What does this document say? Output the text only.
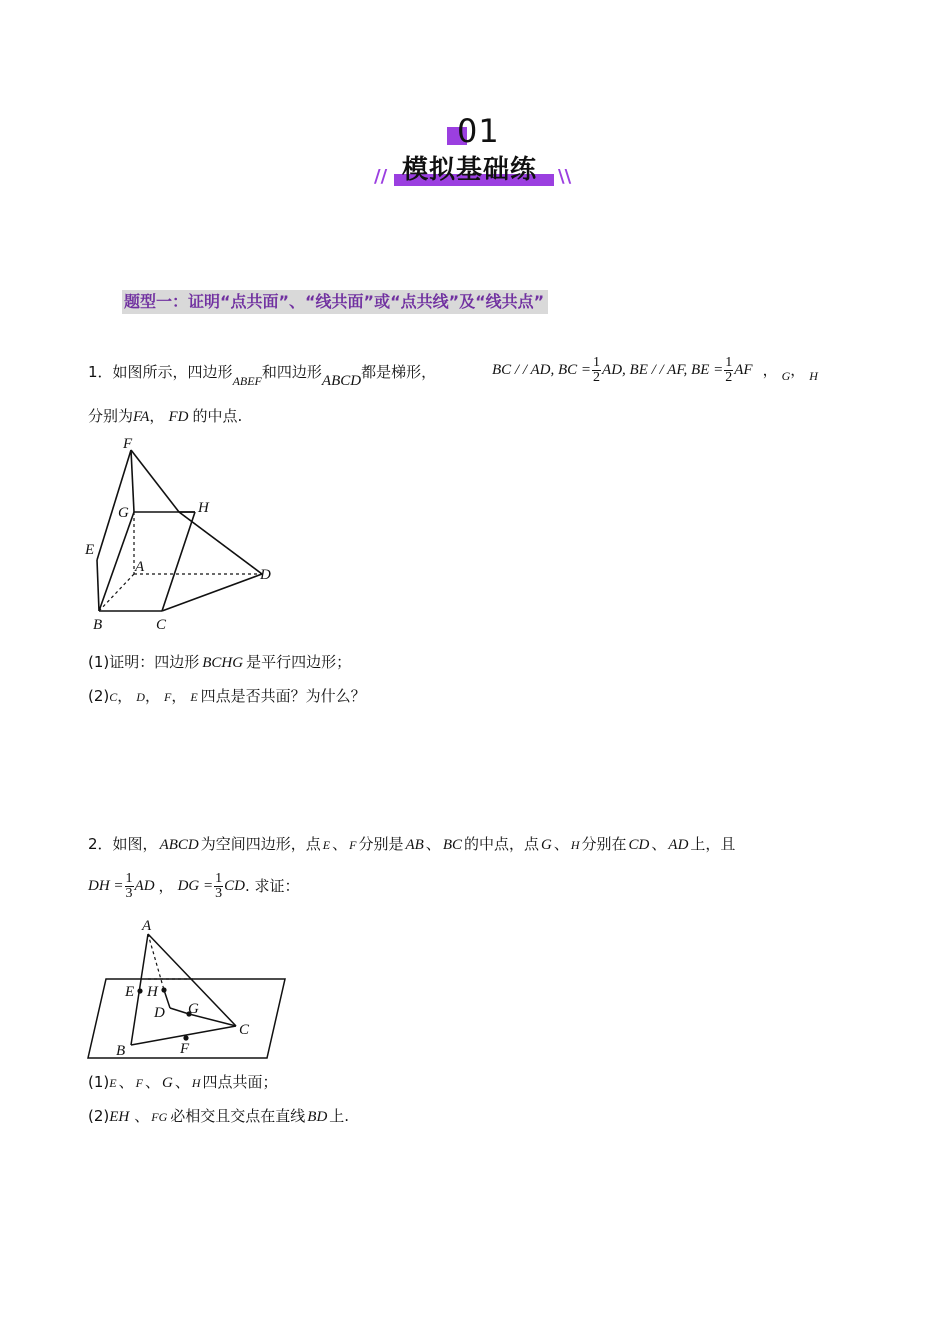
01
// 模拟基础练 \\
题型一：证明“点共面”、“线共面”或“点共线”及“线共点”
1．如图所示，四边形$_{ABEF}$和四边形ABCD都是梯形，	BC / / AD, BC = $\frac{1}{2}$ AD, BE / / AF, BE = $\frac{1}{2}$ AF ， G ， H
分别为FA， FD 的中点.
F
G	H
E
A	D
B	C
(1)证明：四边形 BCHG 是平行四边形；
(2)C， D， F， E 四点是否共面？为什么？
2．如图， ABCD 为空间四边形，点 E 、 F 分别是 AB 、 BC 的中点，点 G 、 H 分别在 CD 、 AD 上，且
DH = $\frac{1}{3}$ AD ， DG = $\frac{1}{3}$ CD . 求证：
A
E H
G
D
C
B	F
(1)E 、 F 、 G 、 H 四点共面；
(2)EH 、 FG 必相交且交点在直线 BD 上.
